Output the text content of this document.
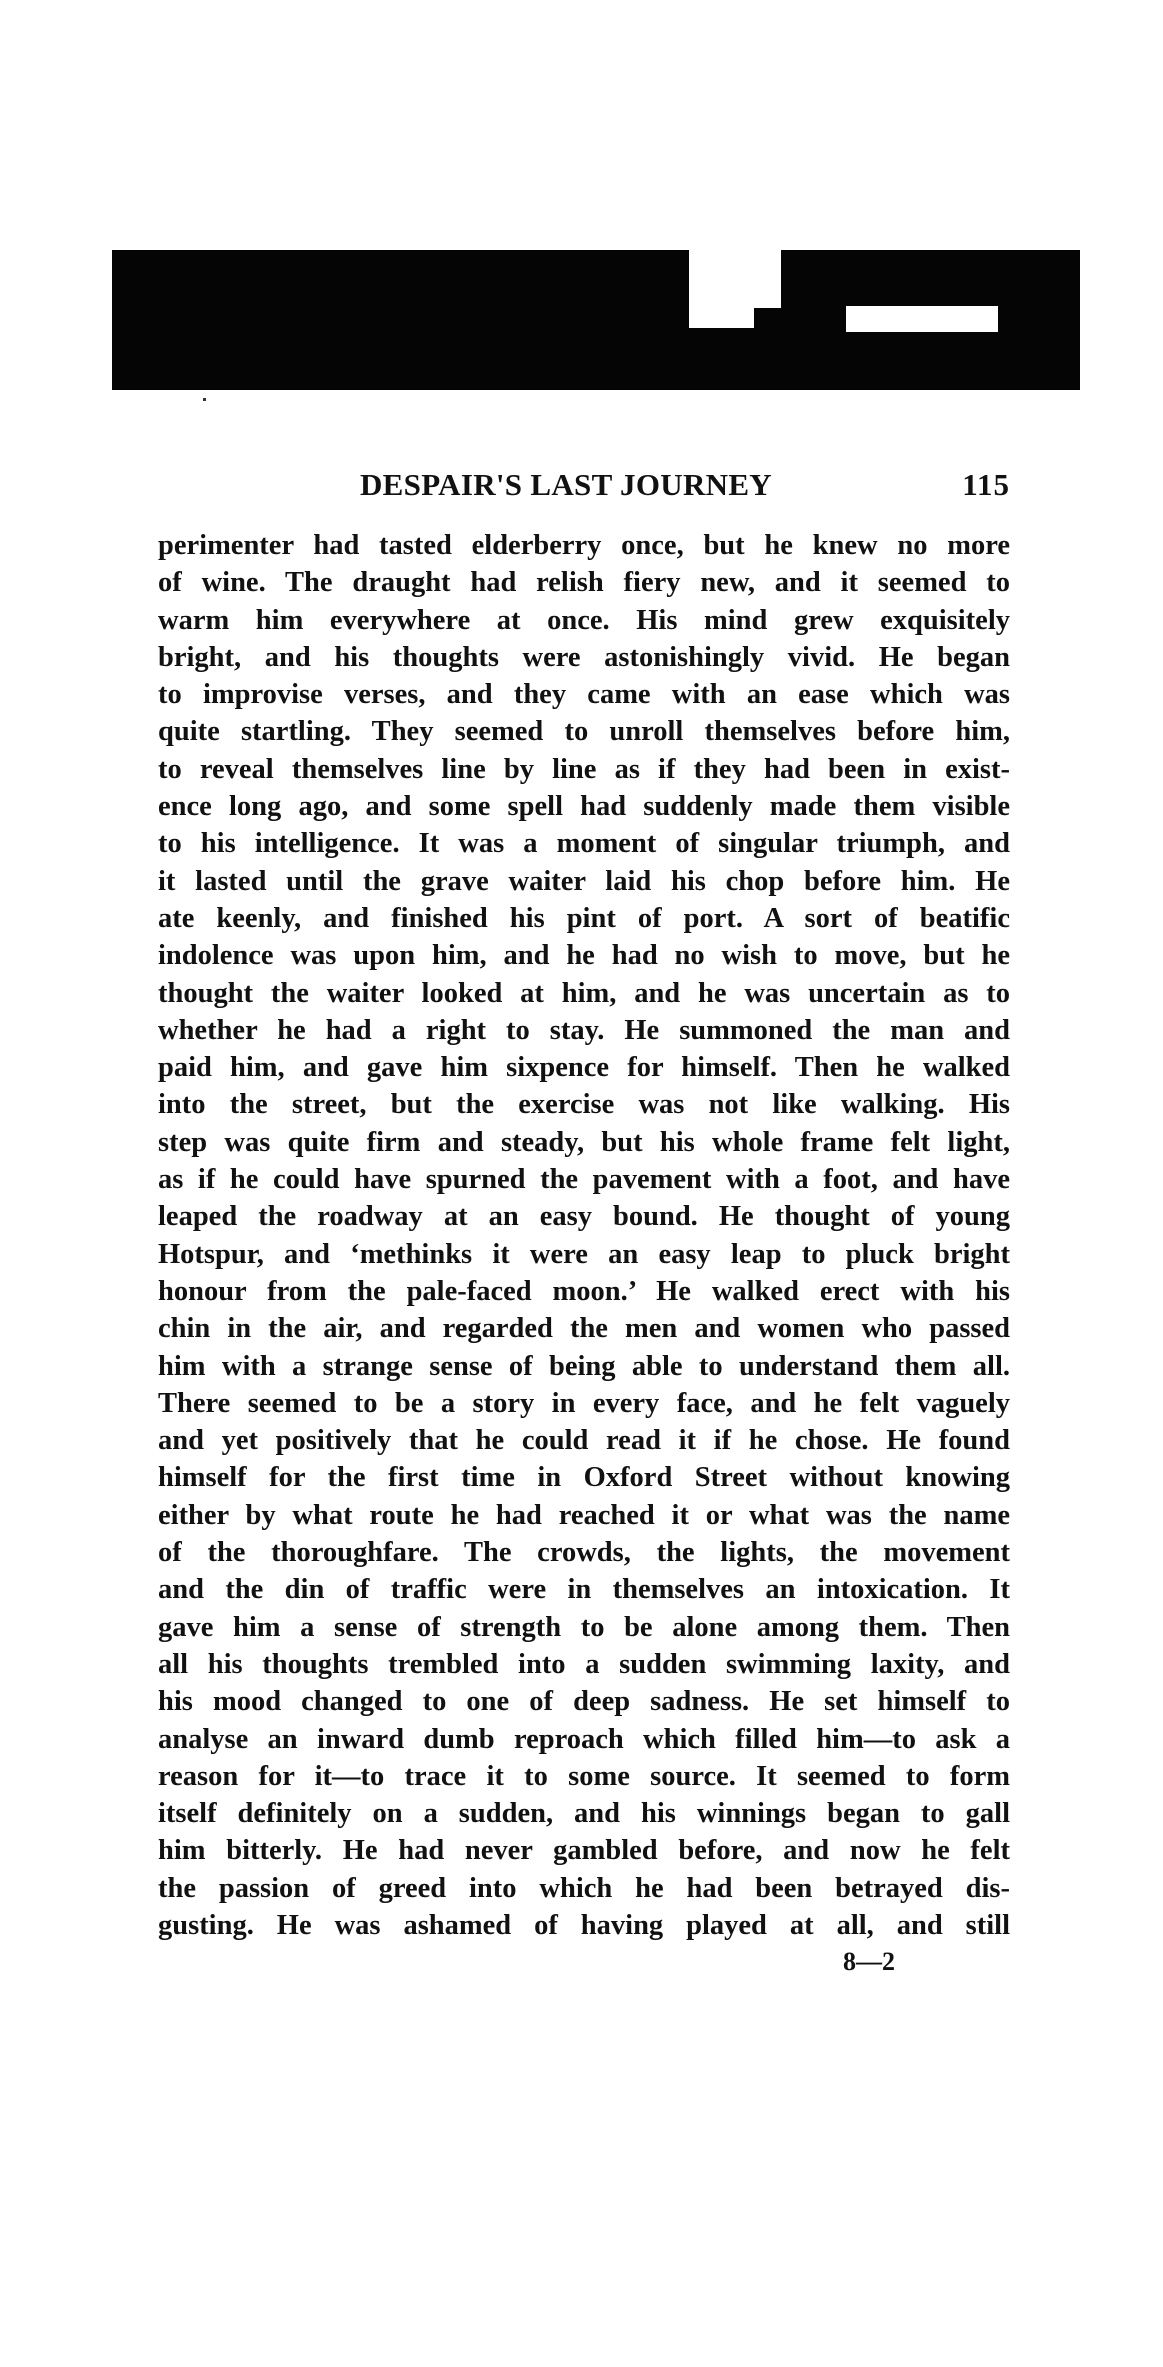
DESPAIR'S LAST JOURNEY	115
perimenter had tasted elderberry once, but he knew no more
of wine. The draught had relish fiery new, and it seemed to
warm him everywhere at once. His mind grew exquisitely
bright, and his thoughts were astonishingly vivid. He began
to improvise verses, and they came with an ease which was
quite startling. They seemed to unroll themselves before him,
to reveal themselves line by line as if they had been in exist-
ence long ago, and some spell had suddenly made them visible
to his intelligence. It was a moment of singular triumph, and
it lasted until the grave waiter laid his chop before him. He
ate keenly, and finished his pint of port. A sort of beatific
indolence was upon him, and he had no wish to move, but he
thought the waiter looked at him, and he was uncertain as to
whether he had a right to stay. He summoned the man and
paid him, and gave him sixpence for himself. Then he walked
into the street, but the exercise was not like walking. His
step was quite firm and steady, but his whole frame felt light,
as if he could have spurned the pavement with a foot, and have
leaped the roadway at an easy bound. He thought of young
Hotspur, and ‘methinks it were an easy leap to pluck bright
honour from the pale-faced moon.’ He walked erect with his
chin in the air, and regarded the men and women who passed
him with a strange sense of being able to understand them all.
There seemed to be a story in every face, and he felt vaguely
and yet positively that he could read it if he chose. He found
himself for the first time in Oxford Street without knowing
either by what route he had reached it or what was the name
of the thoroughfare. The crowds, the lights, the movement
and the din of traffic were in themselves an intoxication. It
gave him a sense of strength to be alone among them. Then
all his thoughts trembled into a sudden swimming laxity, and
his mood changed to one of deep sadness. He set himself to
analyse an inward dumb reproach which filled him—to ask a
reason for it—to trace it to some source. It seemed to form
itself definitely on a sudden, and his winnings began to gall
him bitterly. He had never gambled before, and now he felt
the passion of greed into which he had been betrayed dis-
gusting. He was ashamed of having played at all, and still
8—2
